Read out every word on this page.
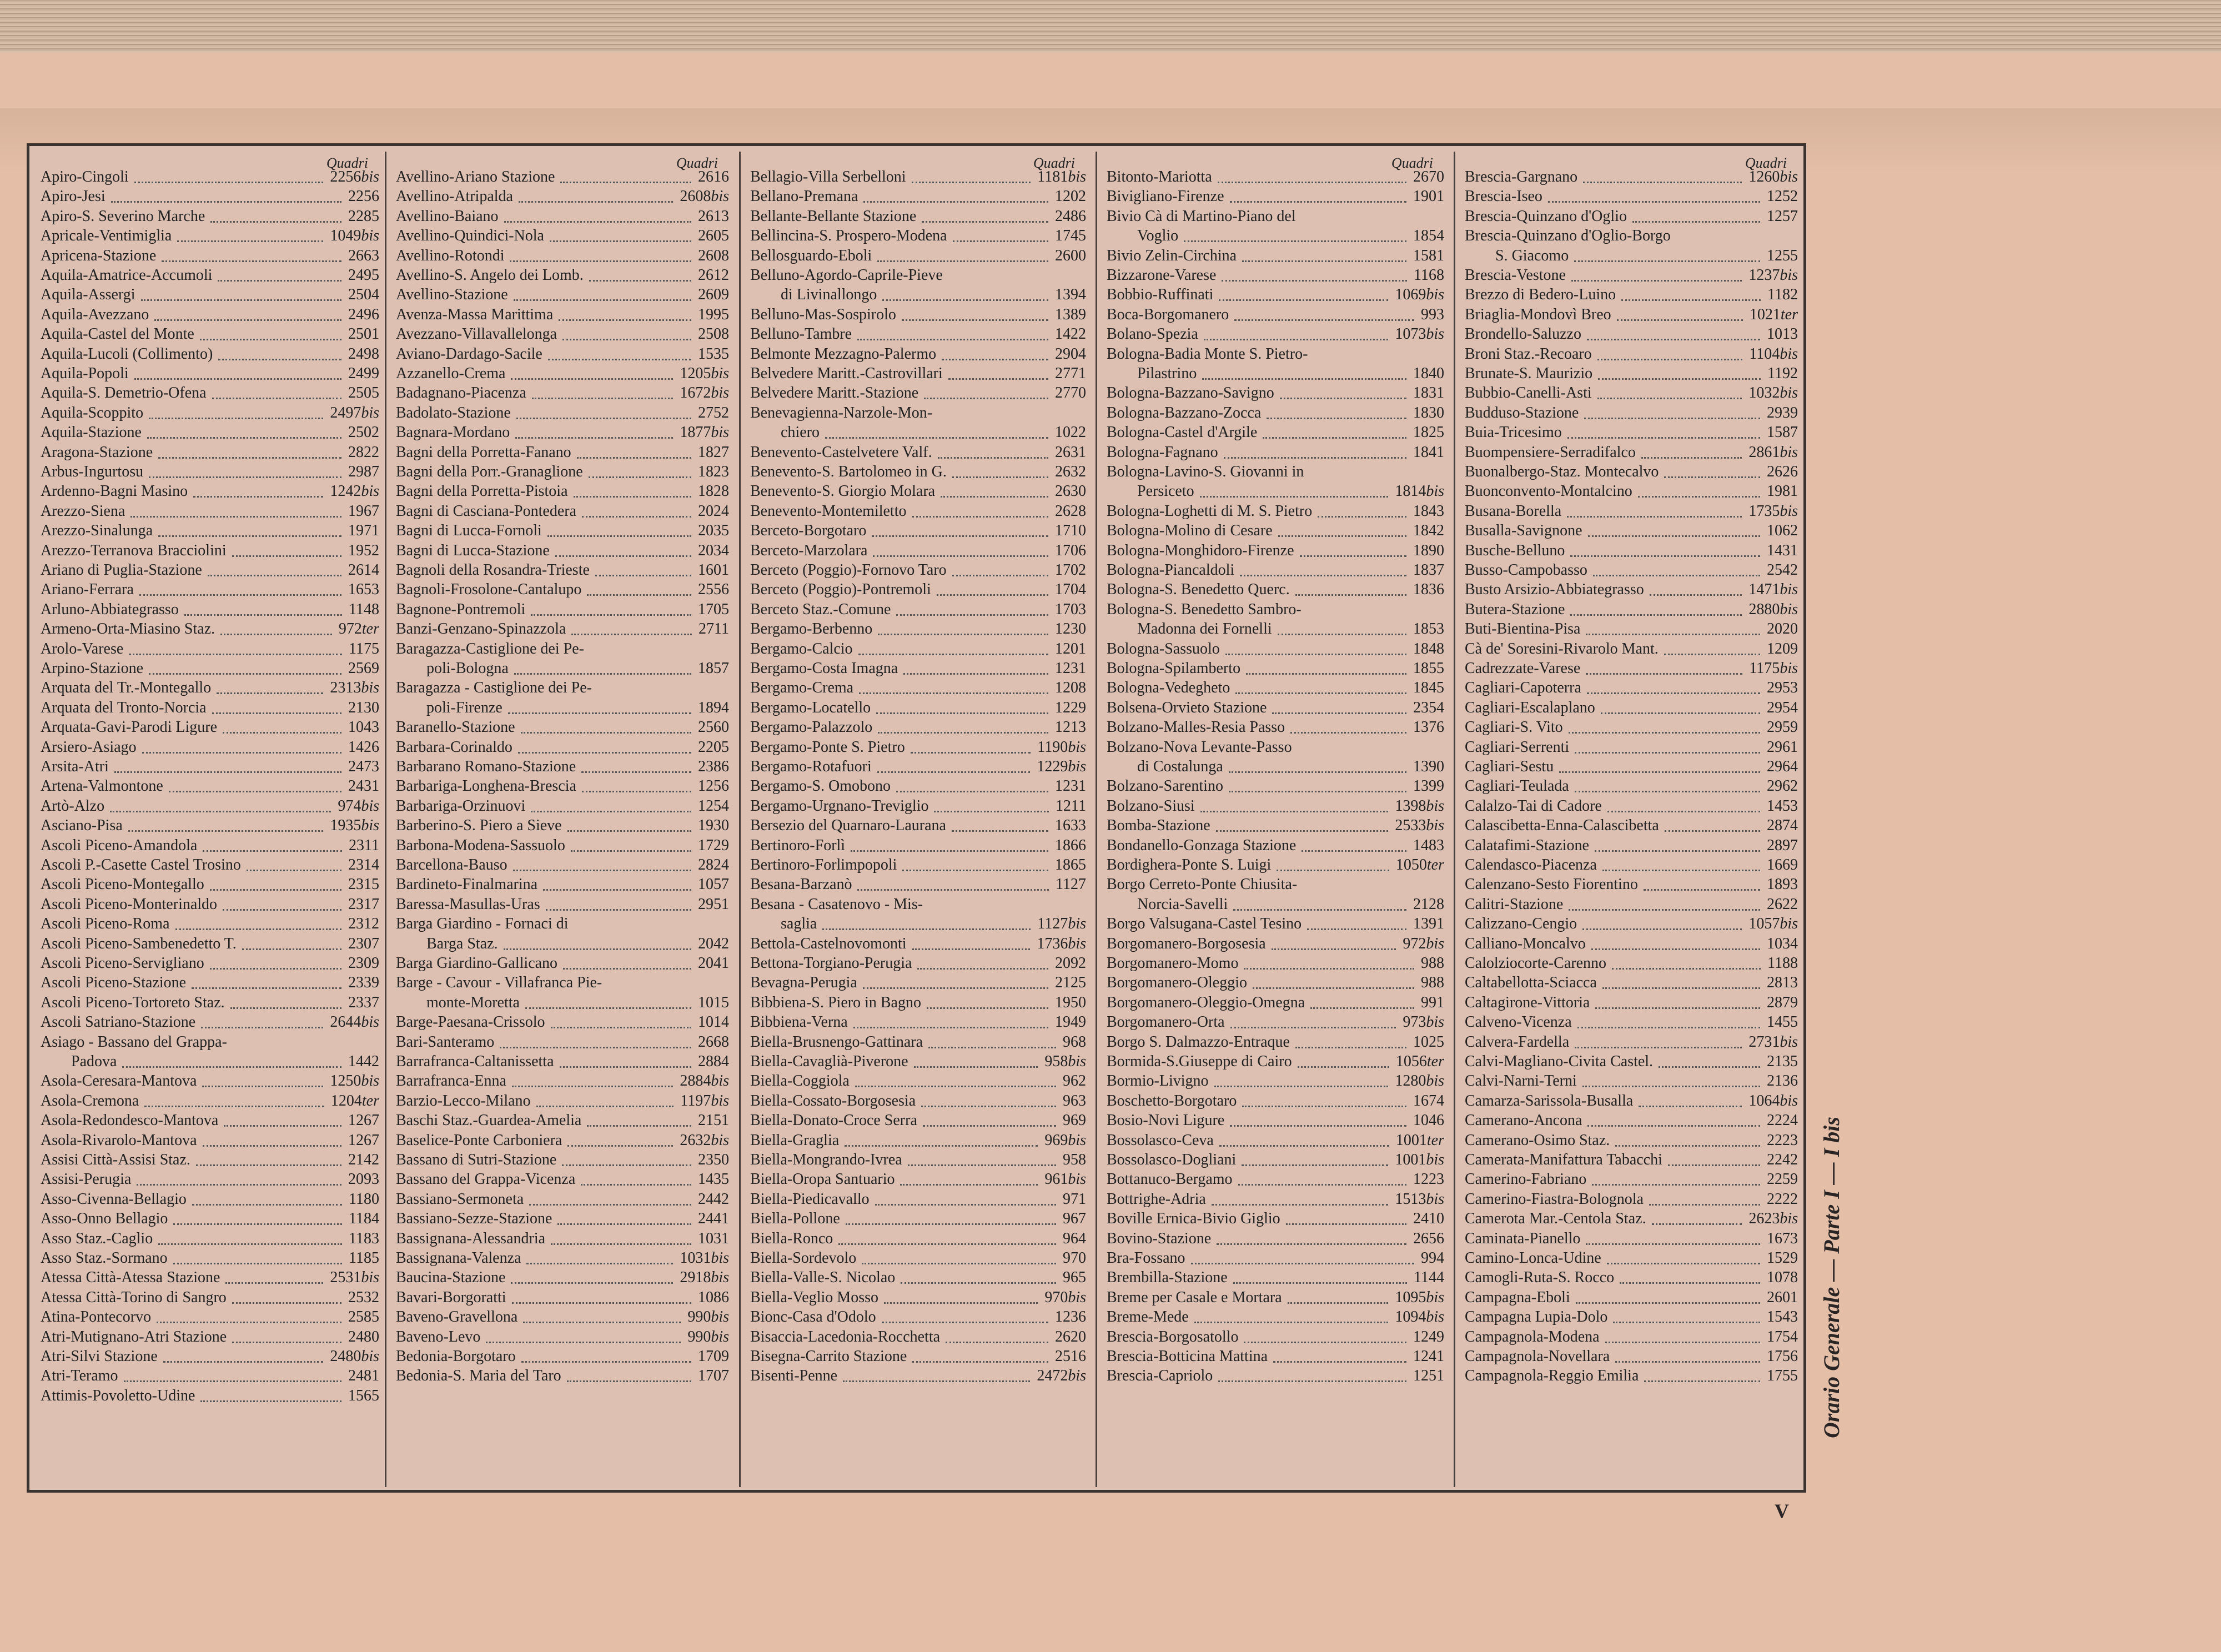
Quadri
Apiro-Cingoli	2256bis
Apiro-Jesi	2256
Apiro-S. Severino Marche	2285
Apricale-Ventimiglia	1049bis
Apricena-Stazione	2663
Aquila-Amatrice-Accumoli	2495
Aquila-Assergi	2504
Aquila-Avezzano	2496
Aquila-Castel del Monte	2501
Aquila-Lucoli (Collimento)	2498
Aquila-Popoli	2499
Aquila-S. Demetrio-Ofena	2505
Aquila-Scoppito	2497bis
Aquila-Stazione	2502
Aragona-Stazione	2822
Arbus-Ingurtosu	2987
Ardenno-Bagni Masino	1242bis
Arezzo-Siena	1967
Arezzo-Sinalunga	1971
Arezzo-Terranova Bracciolini	1952
Ariano di Puglia-Stazione	2614
Ariano-Ferrara	1653
Arluno-Abbiategrasso	1148
Armeno-Orta-Miasino Staz.	972ter
Arolo-Varese	1175
Arpino-Stazione	2569
Arquata del Tr.-Montegallo	2313bis
Arquata del Tronto-Norcia	2130
Arquata-Gavi-Parodi Ligure	1043
Arsiero-Asiago	1426
Arsita-Atri	2473
Artena-Valmontone	2431
Artò-Alzo	974bis
Asciano-Pisa	1935bis
Ascoli Piceno-Amandola	2311
Ascoli P.-Casette Castel Trosino	2314
Ascoli Piceno-Montegallo	2315
Ascoli Piceno-Monterinaldo	2317
Ascoli Piceno-Roma	2312
Ascoli Piceno-Sambenedetto T.	2307
Ascoli Piceno-Serviglianо	2309
Ascoli Piceno-Stazione	2339
Ascoli Piceno-Tortoreto Staz.	2337
Ascoli Satriano-Stazione	2644bis
Asiago - Bassano del Grappa-
Padova	1442
Asola-Ceresara-Mantova	1250bis
Asola-Cremona	1204ter
Asola-Redondesco-Mantova	1267
Asola-Rivarolo-Mantova	1267
Assisi Città-Assisi Staz.	2142
Assisi-Perugia	2093
Asso-Civenna-Bellagio	1180
Asso-Onno Bellagio	1184
Asso Staz.-Caglio	1183
Asso Staz.-Sormano	1185
Atessa Città-Atessa Stazione	2531bis
Atessa Città-Torino di Sangro	2532
Atina-Pontecorvo	2585
Atri-Mutignano-Atri Stazione	2480
Atri-Silvi Stazione	2480bis
Atri-Teramo	2481
Attimis-Povoletto-Udine	1565
Quadri
Avellino-Ariano Stazione	2616
Avellino-Atripalda	2608bis
Avellino-Baiano	2613
Avellino-Quindici-Nola	2605
Avellino-Rotondi	2608
Avellino-S. Angelo dei Lomb.	2612
Avellino-Stazione	2609
Avenza-Massa Marittima	1995
Avezzano-Villavallelonga	2508
Aviano-Dardago-Sacile	1535
Azzanello-Crema	1205bis
Badagnano-Piacenza	1672bis
Badolato-Stazione	2752
Bagnara-Mordano	1877bis
Bagni della Porretta-Fanano	1827
Bagni della Porr.-Granaglione	1823
Bagni della Porretta-Pistoia	1828
Bagni di Casciana-Pontedera	2024
Bagni di Lucca-Fornoli	2035
Bagni di Lucca-Stazione	2034
Bagnoli della Rosandra-Trieste	1601
Bagnoli-Frosolone-Cantalupo	2556
Bagnone-Pontremoli	1705
Banzi-Genzano-Spinazzola	2711
Baragazza-Castiglione dei Pe-
poli-Bologna	1857
Baragazza - Castiglione dei Pe-
poli-Firenze	1894
Baranello-Stazione	2560
Barbara-Corinaldo	2205
Barbarano Romano-Stazione	2386
Barbariga-Longhena-Brescia	1256
Barbariga-Orzinuovi	1254
Barberino-S. Piero a Sieve	1930
Barbona-Modena-Sassuolo	1729
Barcellona-Bauso	2824
Bardineto-Finalmarina	1057
Baressa-Masullas-Uras	2951
Barga Giardino - Fornaci di
Barga Staz.	2042
Barga Giardino-Gallicano	2041
Barge - Cavour - Villafranca Pie-
monte-Moretta	1015
Barge-Paesana-Crissolo	1014
Bari-Santeramo	2668
Barrafranca-Caltanissetta	2884
Barrafranca-Enna	2884bis
Barzio-Lecco-Milano	1197bis
Baschi Staz.-Guardea-Amelia	2151
Baselice-Ponte Carboniera	2632bis
Bassano di Sutri-Stazione	2350
Bassano del Grappa-Vicenza	1435
Bassiano-Sermoneta	2442
Bassiano-Sezze-Stazione	2441
Bassignana-Alessandria	1031
Bassignana-Valenza	1031bis
Baucina-Stazione	2918bis
Bavari-Borgoratti	1086
Baveno-Gravellona	990bis
Baveno-Levo	990bis
Bedonia-Borgotaro	1709
Bedonia-S. Maria del Taro	1707
Quadri
Bellagio-Villa Serbelloni	1181bis
Bellano-Premana	1202
Bellante-Bellante Stazione	2486
Bellincina-S. Prospero-Modena	1745
Bellosguardo-Eboli	2600
Belluno-Agordo-Caprile-Pieve
di Livinallongo	1394
Belluno-Mas-Sospirolo	1389
Belluno-Tambre	1422
Belmonte Mezzagno-Palermo	2904
Belvedere Maritt.-Castrovillari	2771
Belvedere Maritt.-Stazione	2770
Benevagienna-Narzole-Mon-
chiero	1022
Benevento-Castelvetere Valf.	2631
Benevento-S. Bartolomeo in G.	2632
Benevento-S. Giorgio Molara	2630
Benevento-Montemiletto	2628
Berceto-Borgotaro	1710
Berceto-Marzolara	1706
Berceto (Poggio)-Fornovo Taro	1702
Berceto (Poggio)-Pontremoli	1704
Berceto Staz.-Comune	1703
Bergamo-Berbenno	1230
Bergamo-Calcio	1201
Bergamo-Costa Imagna	1231
Bergamo-Crema	1208
Bergamo-Locatello	1229
Bergamo-Palazzolo	1213
Bergamo-Ponte S. Pietro	1190bis
Bergamo-Rotafuori	1229bis
Bergamo-S. Omobono	1231
Bergamo-Urgnano-Treviglio	1211
Bersezio del Quarnaro-Laurana	1633
Bertinoro-Forlì	1866
Bertinoro-Forlimpopoli	1865
Besana-Barzanò	1127
Besana - Casatenovo - Mis-
saglia	1127bis
Bettola-Castelnovomonti	1736bis
Bettona-Torgiano-Perugia	2092
Bevagna-Perugia	2125
Bibbiena-S. Piero in Bagno	1950
Bibbiena-Verna	1949
Biella-Brusnengo-Gattinara	968
Biella-Cavaglià-Piverone	958bis
Biella-Coggiola	962
Biella-Cossato-Borgosesia	963
Biella-Donato-Croce Serra	969
Biella-Graglia	969bis
Biella-Mongrando-Ivrea	958
Biella-Oropa Santuario	961bis
Biella-Piedicavallo	971
Biella-Pollone	967
Biella-Ronco	964
Biella-Sordevolo	970
Biella-Valle-S. Nicolao	965
Biella-Veglio Mosso	970bis
Bionc-Casa d'Odolo	1236
Bisaccia-Lacedonia-Rocchetta	2620
Bisegna-Carrito Stazione	2516
Bisenti-Penne	2472bis
Quadri
Bitonto-Mariotta	2670
Bivigliano-Firenze	1901
Bivio Cà di Martino-Piano del
Voglio	1854
Bivio Zelin-Circhina	1581
Bizzarone-Varese	1168
Bobbio-Ruffinati	1069bis
Boca-Borgomanero	993
Bolano-Spezia	1073bis
Bologna-Badia Monte S. Pietro-
Pilastrino	1840
Bologna-Bazzano-Savigno	1831
Bologna-Bazzano-Zocca	1830
Bologna-Castel d'Argile	1825
Bologna-Fagnano	1841
Bologna-Lavino-S. Giovanni in
Persiceto	1814bis
Bologna-Loghetti di M. S. Pietro	1843
Bologna-Molino di Cesare	1842
Bologna-Monghidoro-Firenze	1890
Bologna-Piancaldoli	1837
Bologna-S. Benedetto Querc.	1836
Bologna-S. Benedetto Sambro-
Madonna dei Fornelli	1853
Bologna-Sassuolo	1848
Bologna-Spilamberto	1855
Bologna-Vedegheto	1845
Bolsena-Orvieto Stazione	2354
Bolzano-Malles-Resia Passo	1376
Bolzano-Nova Levante-Passo
di Costalunga	1390
Bolzano-Sarentino	1399
Bolzano-Siusi	1398bis
Bomba-Stazione	2533bis
Bondanello-Gonzaga Stazione	1483
Bordighera-Ponte S. Luigi	1050ter
Borgo Cerreto-Ponte Chiusita-
Norcia-Savelli	2128
Borgo Valsugana-Castel Tesino	1391
Borgomanero-Borgosesia	972bis
Borgomanero-Momo	988
Borgomanero-Oleggio	988
Borgomanero-Oleggio-Omegna	991
Borgomanero-Orta	973bis
Borgo S. Dalmazzo-Entraque	1025
Bormida-S.Giuseppe di Cairo	1056ter
Bormio-Livigno	1280bis
Boschetto-Borgotaro	1674
Bosio-Novi Ligure	1046
Bossolasco-Ceva	1001ter
Bossolasco-Dogliani	1001bis
Bottanuco-Bergamo	1223
Bottrighe-Adria	1513bis
Boville Ernica-Bivio Giglio	2410
Bovino-Stazione	2656
Bra-Fossano	994
Brembilla-Stazione	1144
Breme per Casale e Mortara	1095bis
Breme-Mede	1094bis
Brescia-Borgosatollo	1249
Brescia-Botticina Mattina	1241
Brescia-Capriolo	1251
Quadri
Brescia-Gargnano	1260bis
Brescia-Iseo	1252
Brescia-Quinzano d'Oglio	1257
Brescia-Quinzano d'Oglio-Borgo
S. Giacomo	1255
Brescia-Vestone	1237bis
Brezzo di Bedero-Luino	1182
Briaglia-Mondovì Breo	1021ter
Brondello-Saluzzo	1013
Broni Staz.-Recoaro	1104bis
Brunate-S. Maurizio	1192
Bubbio-Canelli-Asti	1032bis
Budduso-Stazione	2939
Buia-Tricesimo	1587
Buompensiere-Serradifalco	2861bis
Buonalbergo-Staz. Montecalvo	2626
Buonconvento-Montalcino	1981
Busana-Borella	1735bis
Busalla-Savignone	1062
Busche-Belluno	1431
Busso-Campobasso	2542
Busto Arsizio-Abbiategrasso	1471bis
Butera-Stazione	2880bis
Buti-Bientina-Pisa	2020
Cà de' Soresini-Rivarolo Mant.	1209
Cadrezzate-Varese	1175bis
Cagliari-Capoterra	2953
Cagliari-Escalaplano	2954
Cagliari-S. Vito	2959
Cagliari-Serrenti	2961
Cagliari-Sestu	2964
Cagliari-Teulada	2962
Calalzo-Tai di Cadore	1453
Calascibetta-Enna-Calascibetta	2874
Calatafimi-Stazione	2897
Calendasco-Piacenza	1669
Calenzano-Sesto Fiorentino	1893
Calitri-Stazione	2622
Calizzano-Cengio	1057bis
Calliano-Moncalvo	1034
Calolziocorte-Carenno	1188
Caltabellotta-Sciacca	2813
Caltagirone-Vittoria	2879
Calveno-Vicenza	1455
Calvera-Fardella	2731bis
Calvi-Magliano-Civita Castel.	2135
Calvi-Narni-Terni	2136
Camarza-Sarissola-Busalla	1064bis
Camerano-Ancona	2224
Camerano-Osimo Staz.	2223
Camerata-Manifattura Tabacchi	2242
Camerino-Fabriano	2259
Camerino-Fiastra-Bolognola	2222
Camerota Mar.-Centola Staz.	2623bis
Caminata-Pianello	1673
Camino-Lonca-Udine	1529
Camogli-Ruta-S. Rocco	1078
Campagna-Eboli	2601
Campagna Lupia-Dolo	1543
Campagnola-Modena	1754
Campagnola-Novellara	1756
Campagnola-Reggio Emilia	1755 Orario Generale — Parte I — I bis
V
